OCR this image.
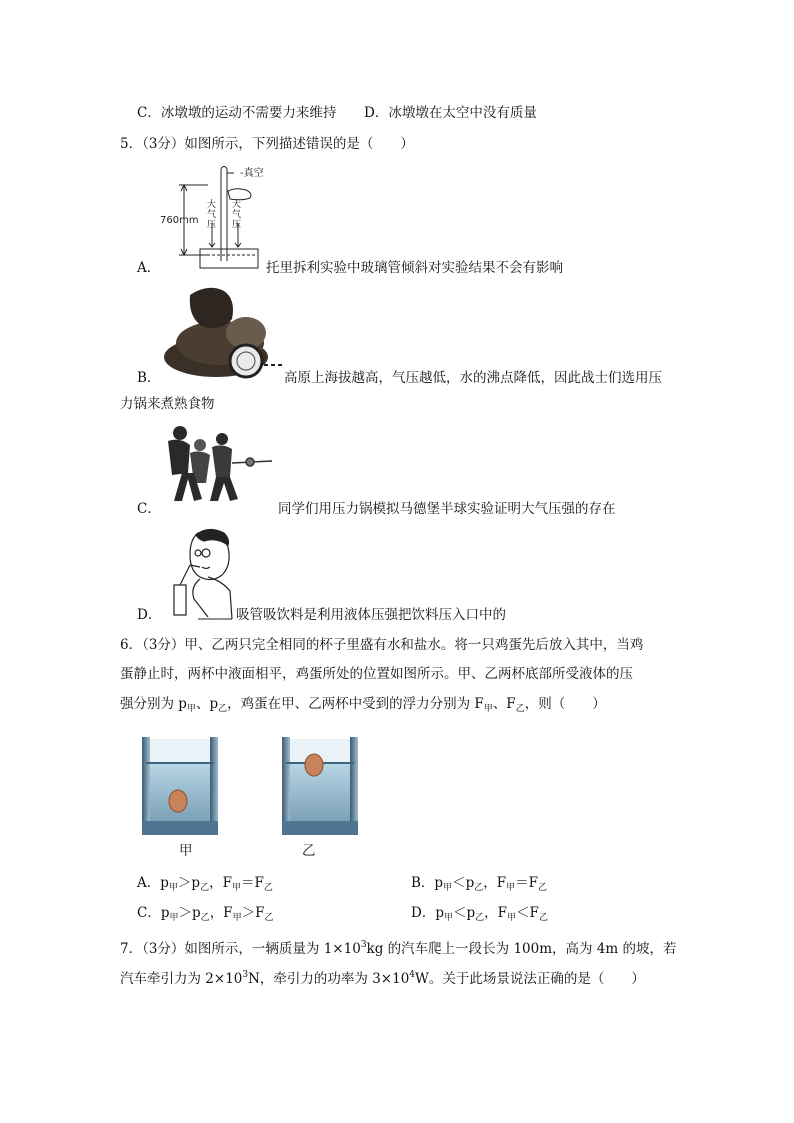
C．冰墩墩的运动不需要力来维持 D．冰墩墩在太空中没有质量
5．（3分）如图所示，下列描述错误的是（　　）
760mm
-真空
大气压
大气压
A．	托里拆利实验中玻璃管倾斜对实验结果不会有影响
B．	高原上海拔越高，气压越低，水的沸点降低，因此战士们选用压
力锅来煮熟食物
C．	同学们用压力锅模拟马德堡半球实验证明大气压强的存在
D．	吸管吸饮料是利用液体压强把饮料压入口中的
6．（3分）甲、乙两只完全相同的杯子里盛有水和盐水。将一只鸡蛋先后放入其中，当鸡
蛋静止时，两杯中液面相平，鸡蛋所处的位置如图所示。甲、乙两杯底部所受液体的压
强分别为 $p_甲$、$p_乙$，鸡蛋在甲、乙两杯中受到的浮力分别为 $F_甲$、$F_乙$，则（　　）
甲	乙
A．$p_甲>p_乙$，$F_甲=F_乙$	B．$p_甲<p_乙$，$F_甲=F_乙$
C．$p_甲>p_乙$，$F_甲>F_乙$	D．$p_甲<p_乙$，$F_甲<F_乙$
7．（3分）如图所示，一辆质量为 $1\times 10^3kg$ 的汽车爬上一段长为 100m，高为 4m 的坡，若
汽车牵引力为 $2\times 10^3N$，牵引力的功率为 $3\times 10^4W$。关于此场景说法正确的是（　　）
